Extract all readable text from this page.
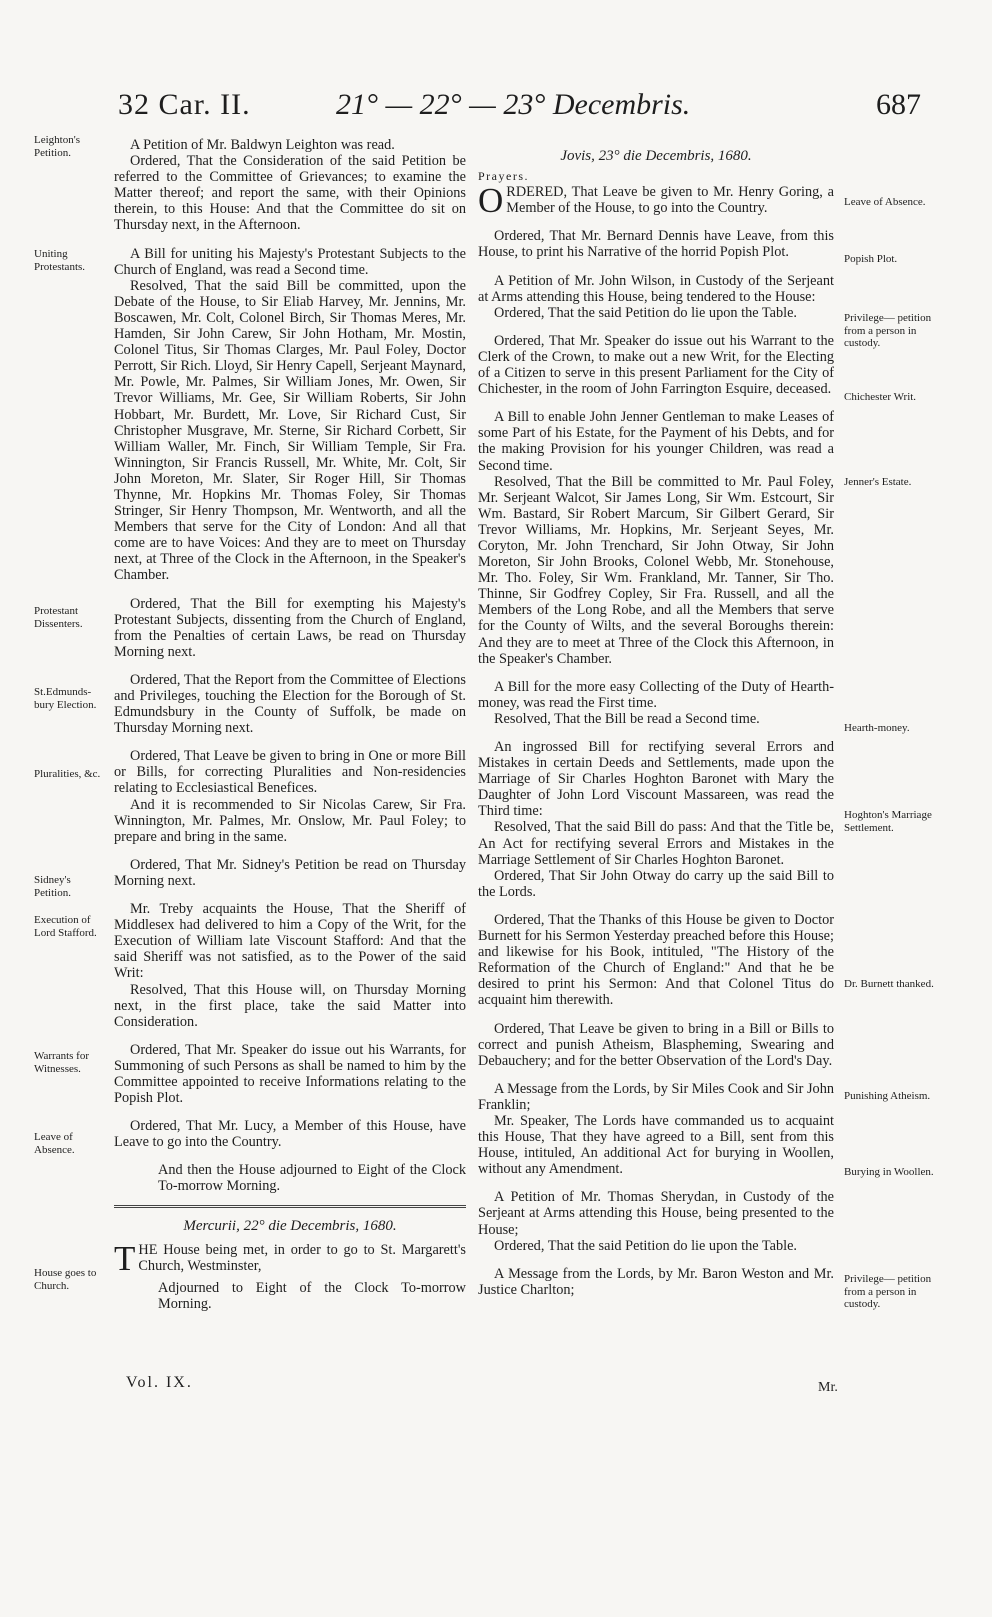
32 Car. II.	21° — 22° — 23° Decembris.	687
Leighton's Petition.
Uniting Protestants.
Protestant Dissenters.
St.Edmunds-bury Election.
Pluralities, &c.
Sidney's Petition.
Execution of Lord Stafford.
Warrants for Witnesses.
Leave of Absence.
House goes to Church.
Leave of Absence.
Popish Plot.
Privilege— petition from a person in custody.
Chichester Writ.
Jenner's Estate.
Hearth-money.
Hoghton's Marriage Settlement.
Dr. Burnett thanked.
Punishing Atheism.
Burying in Woollen.
Privilege— petition from a person in custody.

A Petition of Mr. Baldwyn Leighton was read.

Ordered, That the Consideration of the said Petition be referred to the Committee of Grievances; to examine the Matter thereof; and report the same, with their Opinions therein, to this House: And that the Committee do sit on Thursday next, in the Afternoon.

A Bill for uniting his Majesty's Protestant Subjects to the Church of England, was read a Second time.

Resolved, That the said Bill be committed, upon the Debate of the House, to Sir Eliab Harvey, Mr. Jennins, Mr. Boscawen, Mr. Colt, Colonel Birch, Sir Thomas Meres, Mr. Hamden, Sir John Carew, Sir John Hotham, Mr. Mostin, Colonel Titus, Sir Thomas Clarges, Mr. Paul Foley, Doctor Perrott, Sir Rich. Lloyd, Sir Henry Capell, Serjeant Maynard, Mr. Powle, Mr. Palmes, Sir William Jones, Mr. Owen, Sir Trevor Williams, Mr. Gee, Sir William Roberts, Sir John Hobbart, Mr. Burdett, Mr. Love, Sir Richard Cust, Sir Christopher Musgrave, Mr. Sterne, Sir Richard Corbett, Sir William Waller, Mr. Finch, Sir William Temple, Sir Fra. Winnington, Sir Francis Russell, Mr. White, Mr. Colt, Sir John Moreton, Mr. Slater, Sir Roger Hill, Sir Thomas Thynne, Mr. Hopkins Mr. Thomas Foley, Sir Thomas Stringer, Sir Henry Thompson, Mr. Wentworth, and all the Members that serve for the City of London: And all that come are to have Voices: And they are to meet on Thursday next, at Three of the Clock in the Afternoon, in the Speaker's Chamber.

Ordered, That the Bill for exempting his Majesty's Protestant Subjects, dissenting from the Church of England, from the Penalties of certain Laws, be read on Thursday Morning next.

Ordered, That the Report from the Committee of Elections and Privileges, touching the Election for the Borough of St. Edmundsbury in the County of Suffolk, be made on Thursday Morning next.

Ordered, That Leave be given to bring in One or more Bill or Bills, for correcting Pluralities and Non-residencies relating to Ecclesiastical Benefices.

And it is recommended to Sir Nicolas Carew, Sir Fra. Winnington, Mr. Palmes, Mr. Onslow, Mr. Paul Foley; to prepare and bring in the same.

Ordered, That Mr. Sidney's Petition be read on Thursday Morning next.

Mr. Treby acquaints the House, That the Sheriff of Middlesex had delivered to him a Copy of the Writ, for the Execution of William late Viscount Stafford: And that the said Sheriff was not satisfied, as to the Power of the said Writ:

Resolved, That this House will, on Thursday Morning next, in the first place, take the said Matter into Consideration.

Ordered, That Mr. Speaker do issue out his Warrants, for Summoning of such Persons as shall be named to him by the Committee appointed to receive Informations relating to the Popish Plot.

Ordered, That Mr. Lucy, a Member of this House, have Leave to go into the Country.

And then the House adjourned to Eight of the Clock To-morrow Morning.

Mercurii, 22° die Decembris, 1680.

THE House being met, in order to go to St. Margarett's Church, Westminster,

Adjourned to Eight of the Clock To-morrow Morning.

Jovis, 23° die Decembris, 1680.

Prayers.

ORDERED, That Leave be given to Mr. Henry Goring, a Member of the House, to go into the Country.

Ordered, That Mr. Bernard Dennis have Leave, from this House, to print his Narrative of the horrid Popish Plot.

A Petition of Mr. John Wilson, in Custody of the Serjeant at Arms attending this House, being tendered to the House:

Ordered, That the said Petition do lie upon the Table.

Ordered, That Mr. Speaker do issue out his Warrant to the Clerk of the Crown, to make out a new Writ, for the Electing of a Citizen to serve in this present Parliament for the City of Chichester, in the room of John Farrington Esquire, deceased.

A Bill to enable John Jenner Gentleman to make Leases of some Part of his Estate, for the Payment of his Debts, and for the making Provision for his younger Children, was read a Second time.

Resolved, That the Bill be committed to Mr. Paul Foley, Mr. Serjeant Walcot, Sir James Long, Sir Wm. Estcourt, Sir Wm. Bastard, Sir Robert Marcum, Sir Gilbert Gerard, Sir Trevor Williams, Mr. Hopkins, Mr. Serjeant Seyes, Mr. Coryton, Mr. John Trenchard, Sir John Otway, Sir John Moreton, Sir John Brooks, Colonel Webb, Mr. Stonehouse, Mr. Tho. Foley, Sir Wm. Frankland, Mr. Tanner, Sir Tho. Thinne, Sir Godfrey Copley, Sir Fra. Russell, and all the Members of the Long Robe, and all the Members that serve for the County of Wilts, and the several Boroughs therein: And they are to meet at Three of the Clock this Afternoon, in the Speaker's Chamber.

A Bill for the more easy Collecting of the Duty of Hearth-money, was read the First time.

Resolved, That the Bill be read a Second time.

An ingrossed Bill for rectifying several Errors and Mistakes in certain Deeds and Settlements, made upon the Marriage of Sir Charles Hoghton Baronet with Mary the Daughter of John Lord Viscount Massareen, was read the Third time:

Resolved, That the said Bill do pass: And that the Title be, An Act for rectifying several Errors and Mistakes in the Marriage Settlement of Sir Charles Hoghton Baronet.

Ordered, That Sir John Otway do carry up the said Bill to the Lords.

Ordered, That the Thanks of this House be given to Doctor Burnett for his Sermon Yesterday preached before this House; and likewise for his Book, intituled, "The History of the Reformation of the Church of England:" And that he be desired to print his Sermon: And that Colonel Titus do acquaint him therewith.

Ordered, That Leave be given to bring in a Bill or Bills to correct and punish Atheism, Blaspheming, Swearing and Debauchery; and for the better Observation of the Lord's Day.

A Message from the Lords, by Sir Miles Cook and Sir John Franklin;

Mr. Speaker, The Lords have commanded us to acquaint this House, That they have agreed to a Bill, sent from this House, intituled, An additional Act for burying in Woollen, without any Amendment.

A Petition of Mr. Thomas Sherydan, in Custody of the Serjeant at Arms attending this House, being presented to the House;

Ordered, That the said Petition do lie upon the Table.

A Message from the Lords, by Mr. Baron Weston and Mr. Justice Charlton;

Vol. IX.	Mr.
